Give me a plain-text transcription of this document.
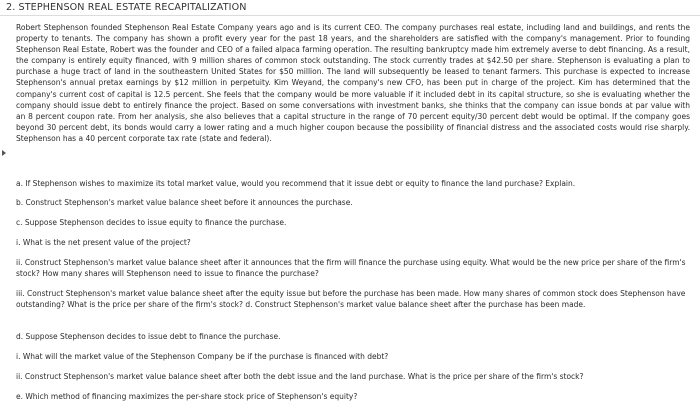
2. STEPHENSON REAL ESTATE RECAPITALIZATION

Robert Stephenson founded Stephenson Real Estate Company years ago and is its current CEO. The company purchases real estate, including land and buildings, and rents the property to tenants. The company has shown a profit every year for the past 18 years, and the shareholders are satisfied with the company's management. Prior to founding Stephenson Real Estate, Robert was the founder and CEO of a failed alpaca farming operation. The resulting bankruptcy made him extremely averse to debt financing. As a result, the company is entirely equity financed, with 9 million shares of common stock outstanding. The stock currently trades at $42.50 per share. Stephenson is evaluating a plan to purchase a huge tract of land in the southeastern United States for $50 million. The land will subsequently be leased to tenant farmers. This purchase is expected to increase Stephenson's annual pretax earnings by $12 million in perpetuity. Kim Weyand, the company's new CFO, has been put in charge of the project. Kim has determined that the company's current cost of capital is 12.5 percent. She feels that the company would be more valuable if it included debt in its capital structure, so she is evaluating whether the company should issue debt to entirely finance the project. Based on some conversations with investment banks, she thinks that the company can issue bonds at par value with an 8 percent coupon rate. From her analysis, she also believes that a capital structure in the range of 70 percent equity/30 percent debt would be optimal. If the company goes beyond 30 percent debt, its bonds would carry a lower rating and a much higher coupon because the possibility of financial distress and the associated costs would rise sharply. Stephenson has a 40 percent corporate tax rate (state and federal).

a. If Stephenson wishes to maximize its total market value, would you recommend that it issue debt or equity to finance the land purchase? Explain.

b. Construct Stephenson's market value balance sheet before it announces the purchase.

c. Suppose Stephenson decides to issue equity to finance the purchase.

i. What is the net present value of the project?

ii. Construct Stephenson's market value balance sheet after it announces that the firm will finance the purchase using equity. What would be the new price per share of the firm's stock? How many shares will Stephenson need to issue to finance the purchase?

iii. Construct Stephenson's market value balance sheet after the equity issue but before the purchase has been made. How many shares of common stock does Stephenson have outstanding? What is the price per share of the firm's stock? d. Construct Stephenson's market value balance sheet after the purchase has been made.

d. Suppose Stephenson decides to issue debt to finance the purchase.

i. What will the market value of the Stephenson Company be if the purchase is financed with debt?

ii. Construct Stephenson's market value balance sheet after both the debt issue and the land purchase. What is the price per share of the firm's stock?

e. Which method of financing maximizes the per-share stock price of Stephenson's equity?
